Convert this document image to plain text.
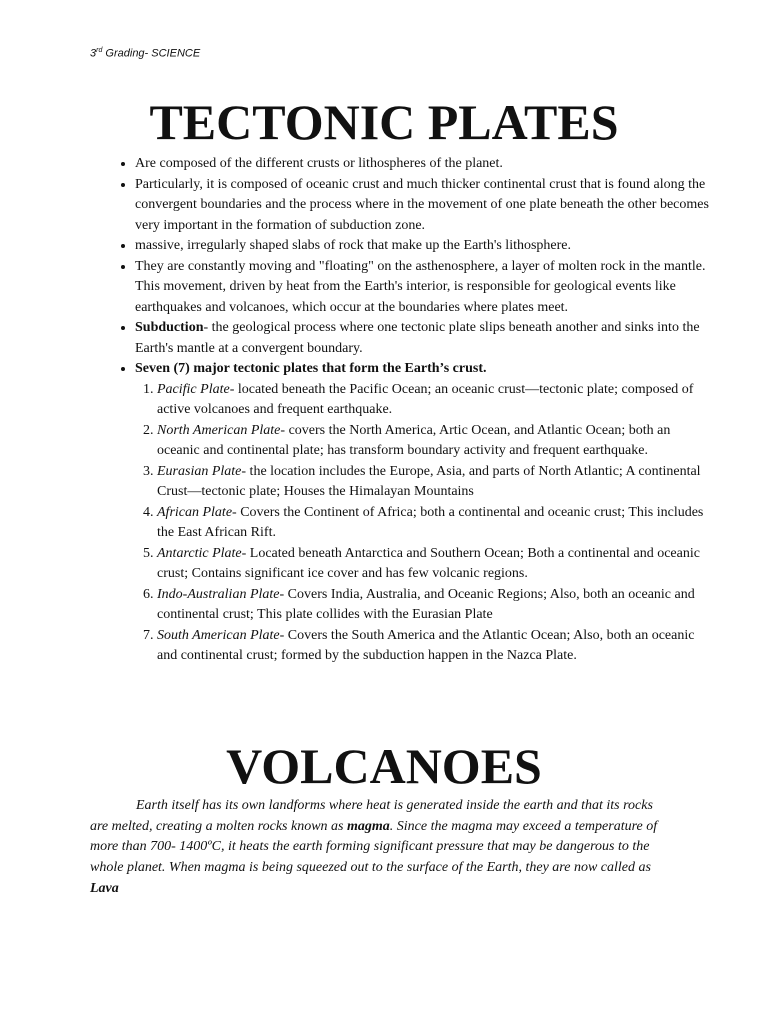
3rd Grading- SCIENCE
TECTONIC PLATES
• Are composed of the different crusts or lithospheres of the planet.
• Particularly, it is composed of oceanic crust and much thicker continental crust that is found along the convergent boundaries and the process where in the movement of one plate beneath the other becomes very important in the formation of subduction zone.
• massive, irregularly shaped slabs of rock that make up the Earth's lithosphere.
• They are constantly moving and "floating" on the asthenosphere, a layer of molten rock in the mantle. This movement, driven by heat from the Earth's interior, is responsible for geological events like earthquakes and volcanoes, which occur at the boundaries where plates meet.
• Subduction- the geological process where one tectonic plate slips beneath another and sinks into the Earth's mantle at a convergent boundary.
• Seven (7) major tectonic plates that form the Earth’s crust.
1. Pacific Plate- located beneath the Pacific Ocean; an oceanic crust—tectonic plate; composed of active volcanoes and frequent earthquake.
2. North American Plate- covers the North America, Artic Ocean, and Atlantic Ocean; both an oceanic and continental plate; has transform boundary activity and frequent earthquake.
3. Eurasian Plate- the location includes the Europe, Asia, and parts of North Atlantic; A continental Crust—tectonic plate; Houses the Himalayan Mountains
4. African Plate- Covers the Continent of Africa; both a continental and oceanic crust; This includes the East African Rift.
5. Antarctic Plate- Located beneath Antarctica and Southern Ocean; Both a continental and oceanic crust; Contains significant ice cover and has few volcanic regions.
6. Indo-Australian Plate- Covers India, Australia, and Oceanic Regions; Also, both an oceanic and continental crust; This plate collides with the Eurasian Plate
7. South American Plate- Covers the South America and the Atlantic Ocean; Also, both an oceanic and continental crust; formed by the subduction happen in the Nazca Plate.
VOLCANOES

Earth itself has its own landforms where heat is generated inside the earth and that its rocks are melted, creating a molten rocks known as magma. Since the magma may exceed a temperature of more than 700- 1400ºC, it heats the earth forming significant pressure that may be dangerous to the whole planet. When magma is being squeezed out to the surface of the Earth, they are now called as Lava
